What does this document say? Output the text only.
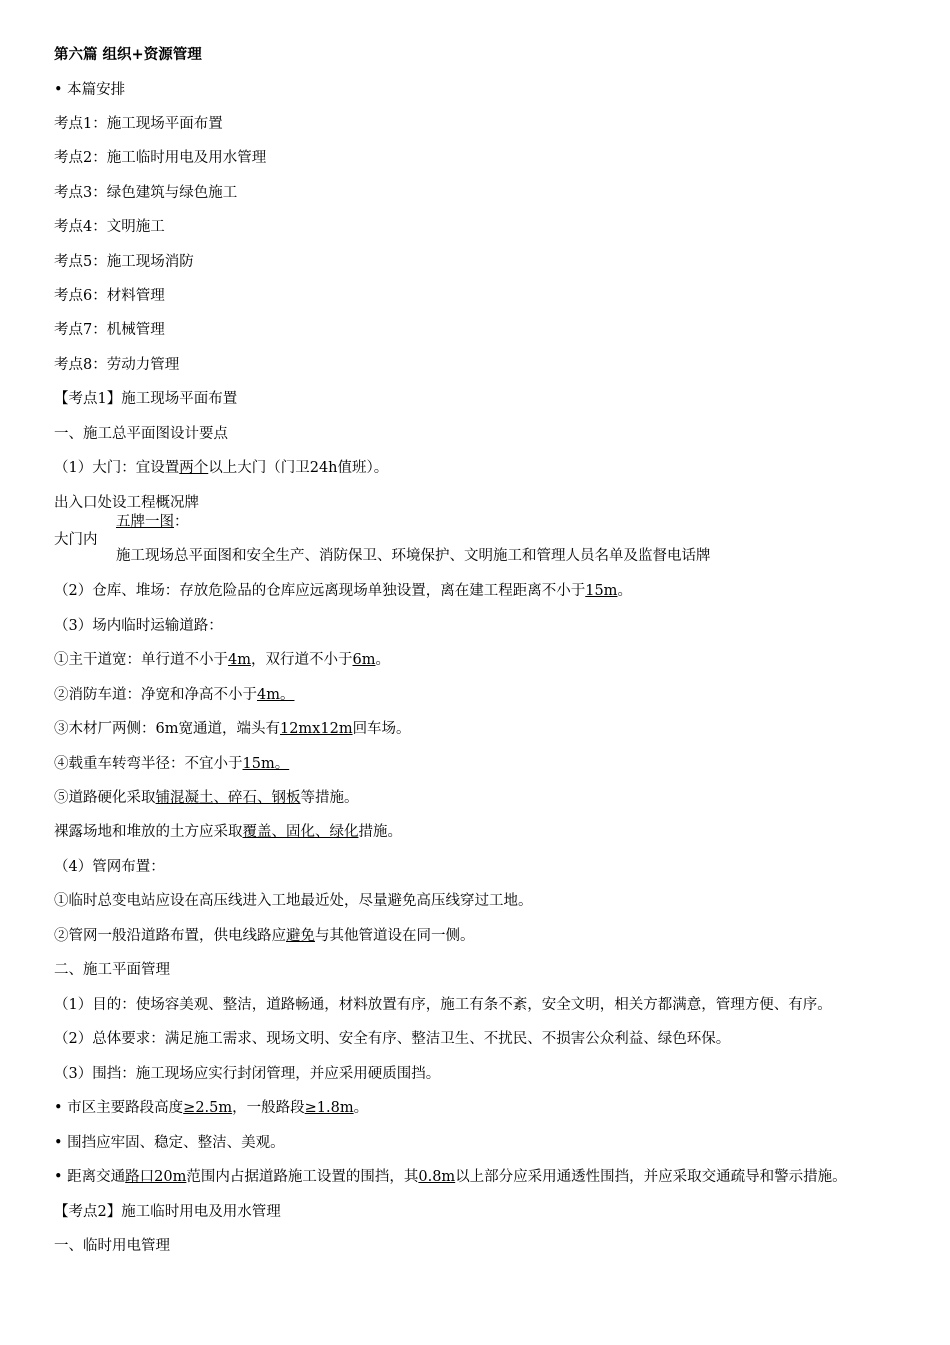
第六篇 组织+资源管理
• 本篇安排
考点1：施工现场平面布置
考点2：施工临时用电及用水管理
考点3：绿色建筑与绿色施工
考点4：文明施工
考点5：施工现场消防
考点6：材料管理
考点7：机械管理
考点8：劳动力管理
【考点1】施工现场平面布置
一、施工总平面图设计要点
（1）大门：宜设置两个以上大门（门卫24h值班）。
出入口处设工程概况牌
五牌一图：
大门内
施工现场总平面图和安全生产、消防保卫、环境保护、文明施工和管理人员名单及监督电话牌
（2）仓库、堆场：存放危险品的仓库应远离现场单独设置，离在建工程距离不小于15m。
（3）场内临时运输道路：
①主干道宽：单行道不小于4m，双行道不小于6m。
②消防车道：净宽和净高不小于4m。
③木材厂两侧：6m宽通道，端头有12mx12m回车场。
④载重车转弯半径：不宜小于15m。
⑤道路硬化采取铺混凝土、碎石、钢板等措施。
裸露场地和堆放的土方应采取覆盖、固化、绿化措施。
（4）管网布置：
①临时总变电站应设在高压线进入工地最近处，尽量避免高压线穿过工地。
②管网一般沿道路布置，供电线路应避免与其他管道设在同一侧。
二、施工平面管理
（1）目的：使场容美观、整洁，道路畅通，材料放置有序，施工有条不紊，安全文明，相关方都满意，管理方便、有序。
（2）总体要求：满足施工需求、现场文明、安全有序、整洁卫生、不扰民、不损害公众利益、绿色环保。
（3）围挡：施工现场应实行封闭管理，并应采用硬质围挡。
• 市区主要路段高度≥2.5m，一般路段≥1.8m。
• 围挡应牢固、稳定、整洁、美观。
• 距离交通路口20m范围内占据道路施工设置的围挡，其0.8m以上部分应采用通透性围挡，并应采取交通疏导和警示措施。
【考点2】施工临时用电及用水管理
一、临时用电管理
